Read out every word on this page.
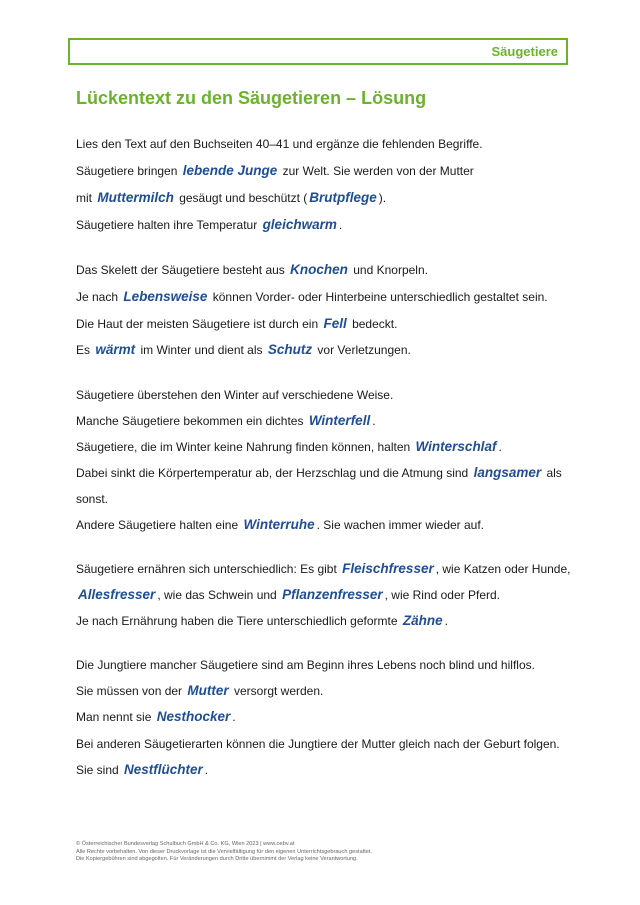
Säugetiere
Lückentext zu den Säugetieren – Lösung
Lies den Text auf den Buchseiten 40–41 und ergänze die fehlenden Begriffe.
Säugetiere bringen lebende Junge zur Welt. Sie werden von der Mutter
mit Muttermilch gesäugt und beschützt ( Brutpflege ).
Säugetiere halten ihre Temperatur gleichwarm .
Das Skelett der Säugetiere besteht aus Knochen und Knorpeln.
Je nach Lebensweise können Vorder- oder Hinterbeine unterschiedlich gestaltet sein.
Die Haut der meisten Säugetiere ist durch ein Fell bedeckt.
Es wärmt im Winter und dient als Schutz vor Verletzungen.
Säugetiere überstehen den Winter auf verschiedene Weise.
Manche Säugetiere bekommen ein dichtes Winterfell .
Säugetiere, die im Winter keine Nahrung finden können, halten Winterschlaf .
Dabei sinkt die Körpertemperatur ab, der Herzschlag und die Atmung sind langsamer als
sonst.
Andere Säugetiere halten eine Winterruhe . Sie wachen immer wieder auf.
Säugetiere ernähren sich unterschiedlich: Es gibt Fleischfresser , wie Katzen oder Hunde,
Allesfresser , wie das Schwein und Pflanzenfresser , wie Rind oder Pferd.
Je nach Ernährung haben die Tiere unterschiedlich geformte Zähne .
Die Jungtiere mancher Säugetiere sind am Beginn ihres Lebens noch blind und hilflos.
Sie müssen von der Mutter versorgt werden.
Man nennt sie Nesthocker .
Bei anderen Säugetierarten können die Jungtiere der Mutter gleich nach der Geburt folgen.
Sie sind Nestflüchter .
© Österreichischer Bundesverlag Schulbuch GmbH & Co. KG, Wien 2023 | www.oebv.at
Alle Rechte vorbehalten. Von dieser Druckvorlage ist die Vervielfältigung für den eigenen Unterrichtsgebrauch gestattet.
Die Kopiergebühren sind abgegolten. Für Veränderungen durch Dritte übernimmt der Verlag keine Verantwortung.
